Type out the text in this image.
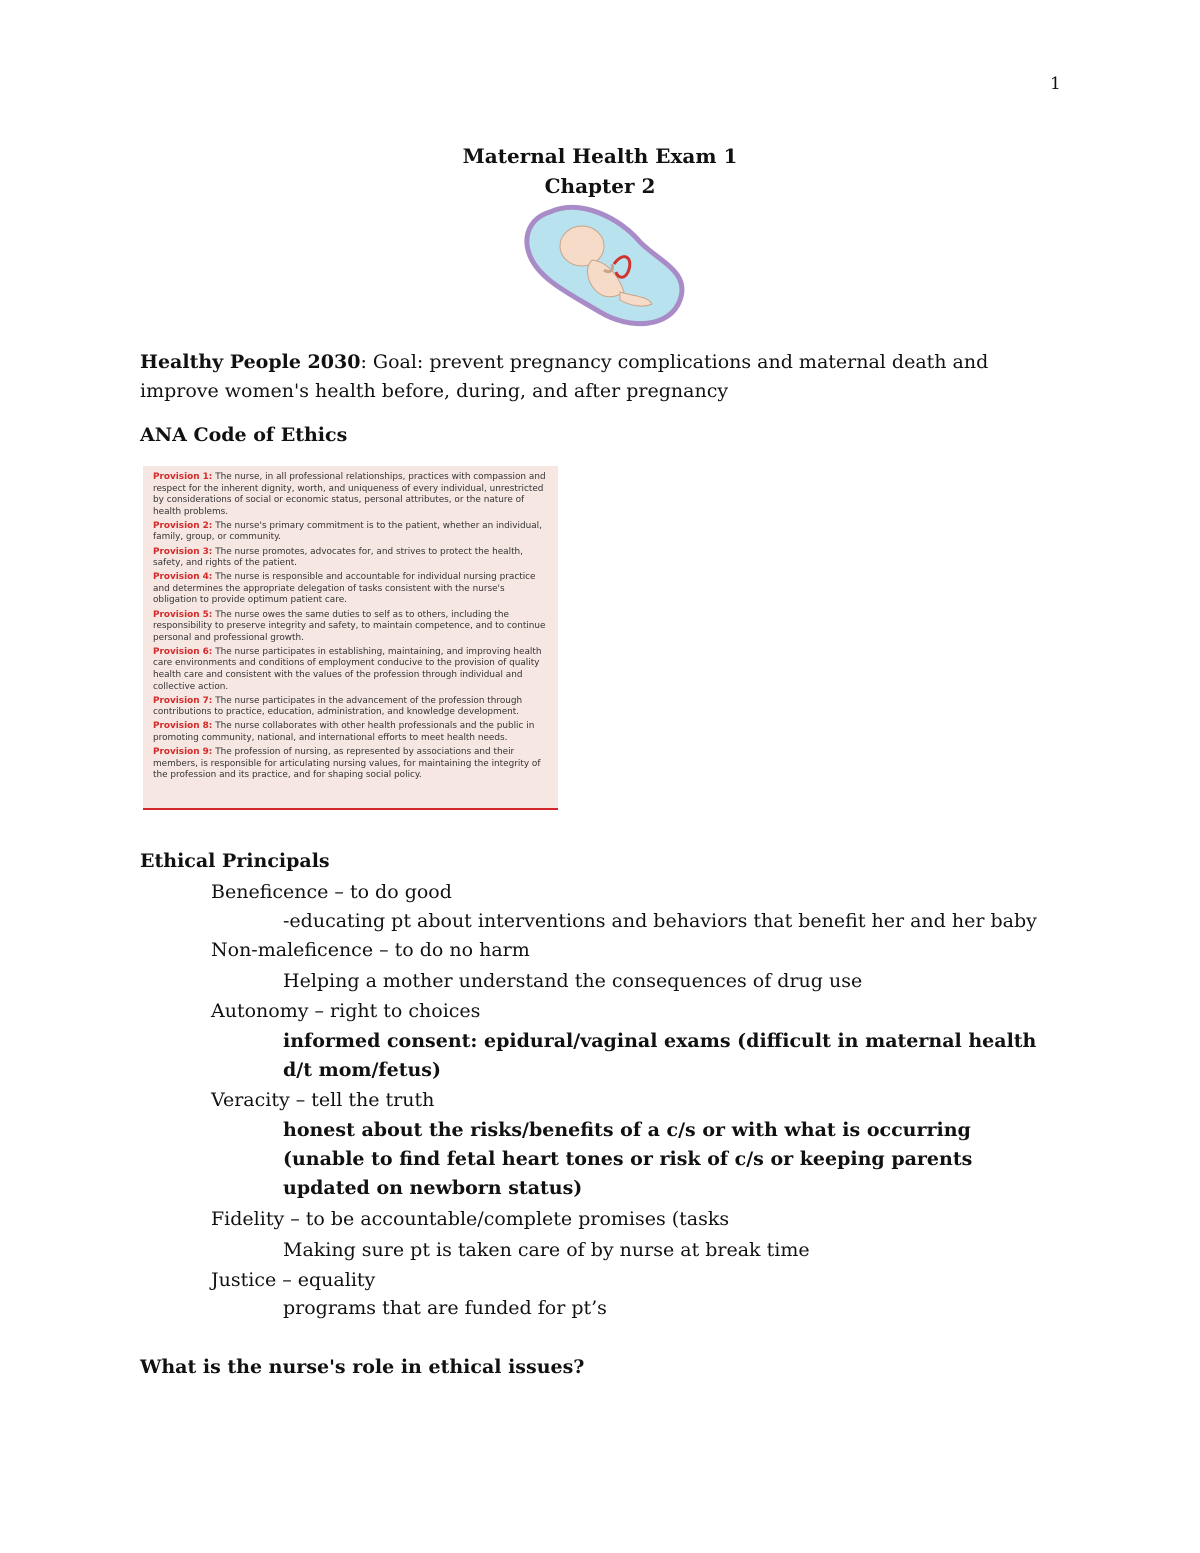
1
Maternal Health Exam 1
Chapter 2
Healthy People 2030: Goal: prevent pregnancy complications and maternal death and improve women's health before, during, and after pregnancy
ANA Code of Ethics
Provision 1: The nurse, in all professional relationships, practices with compassion and respect for the inherent dignity, worth, and uniqueness of every individual, unrestricted by considerations of social or economic status, personal attributes, or the nature of health problems.
Provision 2: The nurse's primary commitment is to the patient, whether an individual, family, group, or community.
Provision 3: The nurse promotes, advocates for, and strives to protect the health, safety, and rights of the patient.
Provision 4: The nurse is responsible and accountable for individual nursing practice and determines the appropriate delegation of tasks consistent with the nurse's obligation to provide optimum patient care.
Provision 5: The nurse owes the same duties to self as to others, including the responsibility to preserve integrity and safety, to maintain competence, and to continue personal and professional growth.
Provision 6: The nurse participates in establishing, maintaining, and improving health care environments and conditions of employment conducive to the provision of quality health care and consistent with the values of the profession through individual and collective action.
Provision 7: The nurse participates in the advancement of the profession through contributions to practice, education, administration, and knowledge development.
Provision 8: The nurse collaborates with other health professionals and the public in promoting community, national, and international efforts to meet health needs.
Provision 9: The profession of nursing, as represented by associations and their members, is responsible for articulating nursing values, for maintaining the integrity of the profession and its practice, and for shaping social policy.
Ethical Principals
Beneficence – to do good
-educating pt about interventions and behaviors that benefit her and her baby
Non-maleficence – to do no harm
Helping a mother understand the consequences of drug use
Autonomy – right to choices
informed consent: epidural/vaginal exams (difficult in maternal health d/t mom/fetus)
Veracity – tell the truth
honest about the risks/benefits of a c/s or with what is occurring (unable to find fetal heart tones or risk of c/s or keeping parents updated on newborn status)
Fidelity – to be accountable/complete promises (tasks
Making sure pt is taken care of by nurse at break time
Justice – equality
programs that are funded for pt’s
What is the nurse's role in ethical issues?
